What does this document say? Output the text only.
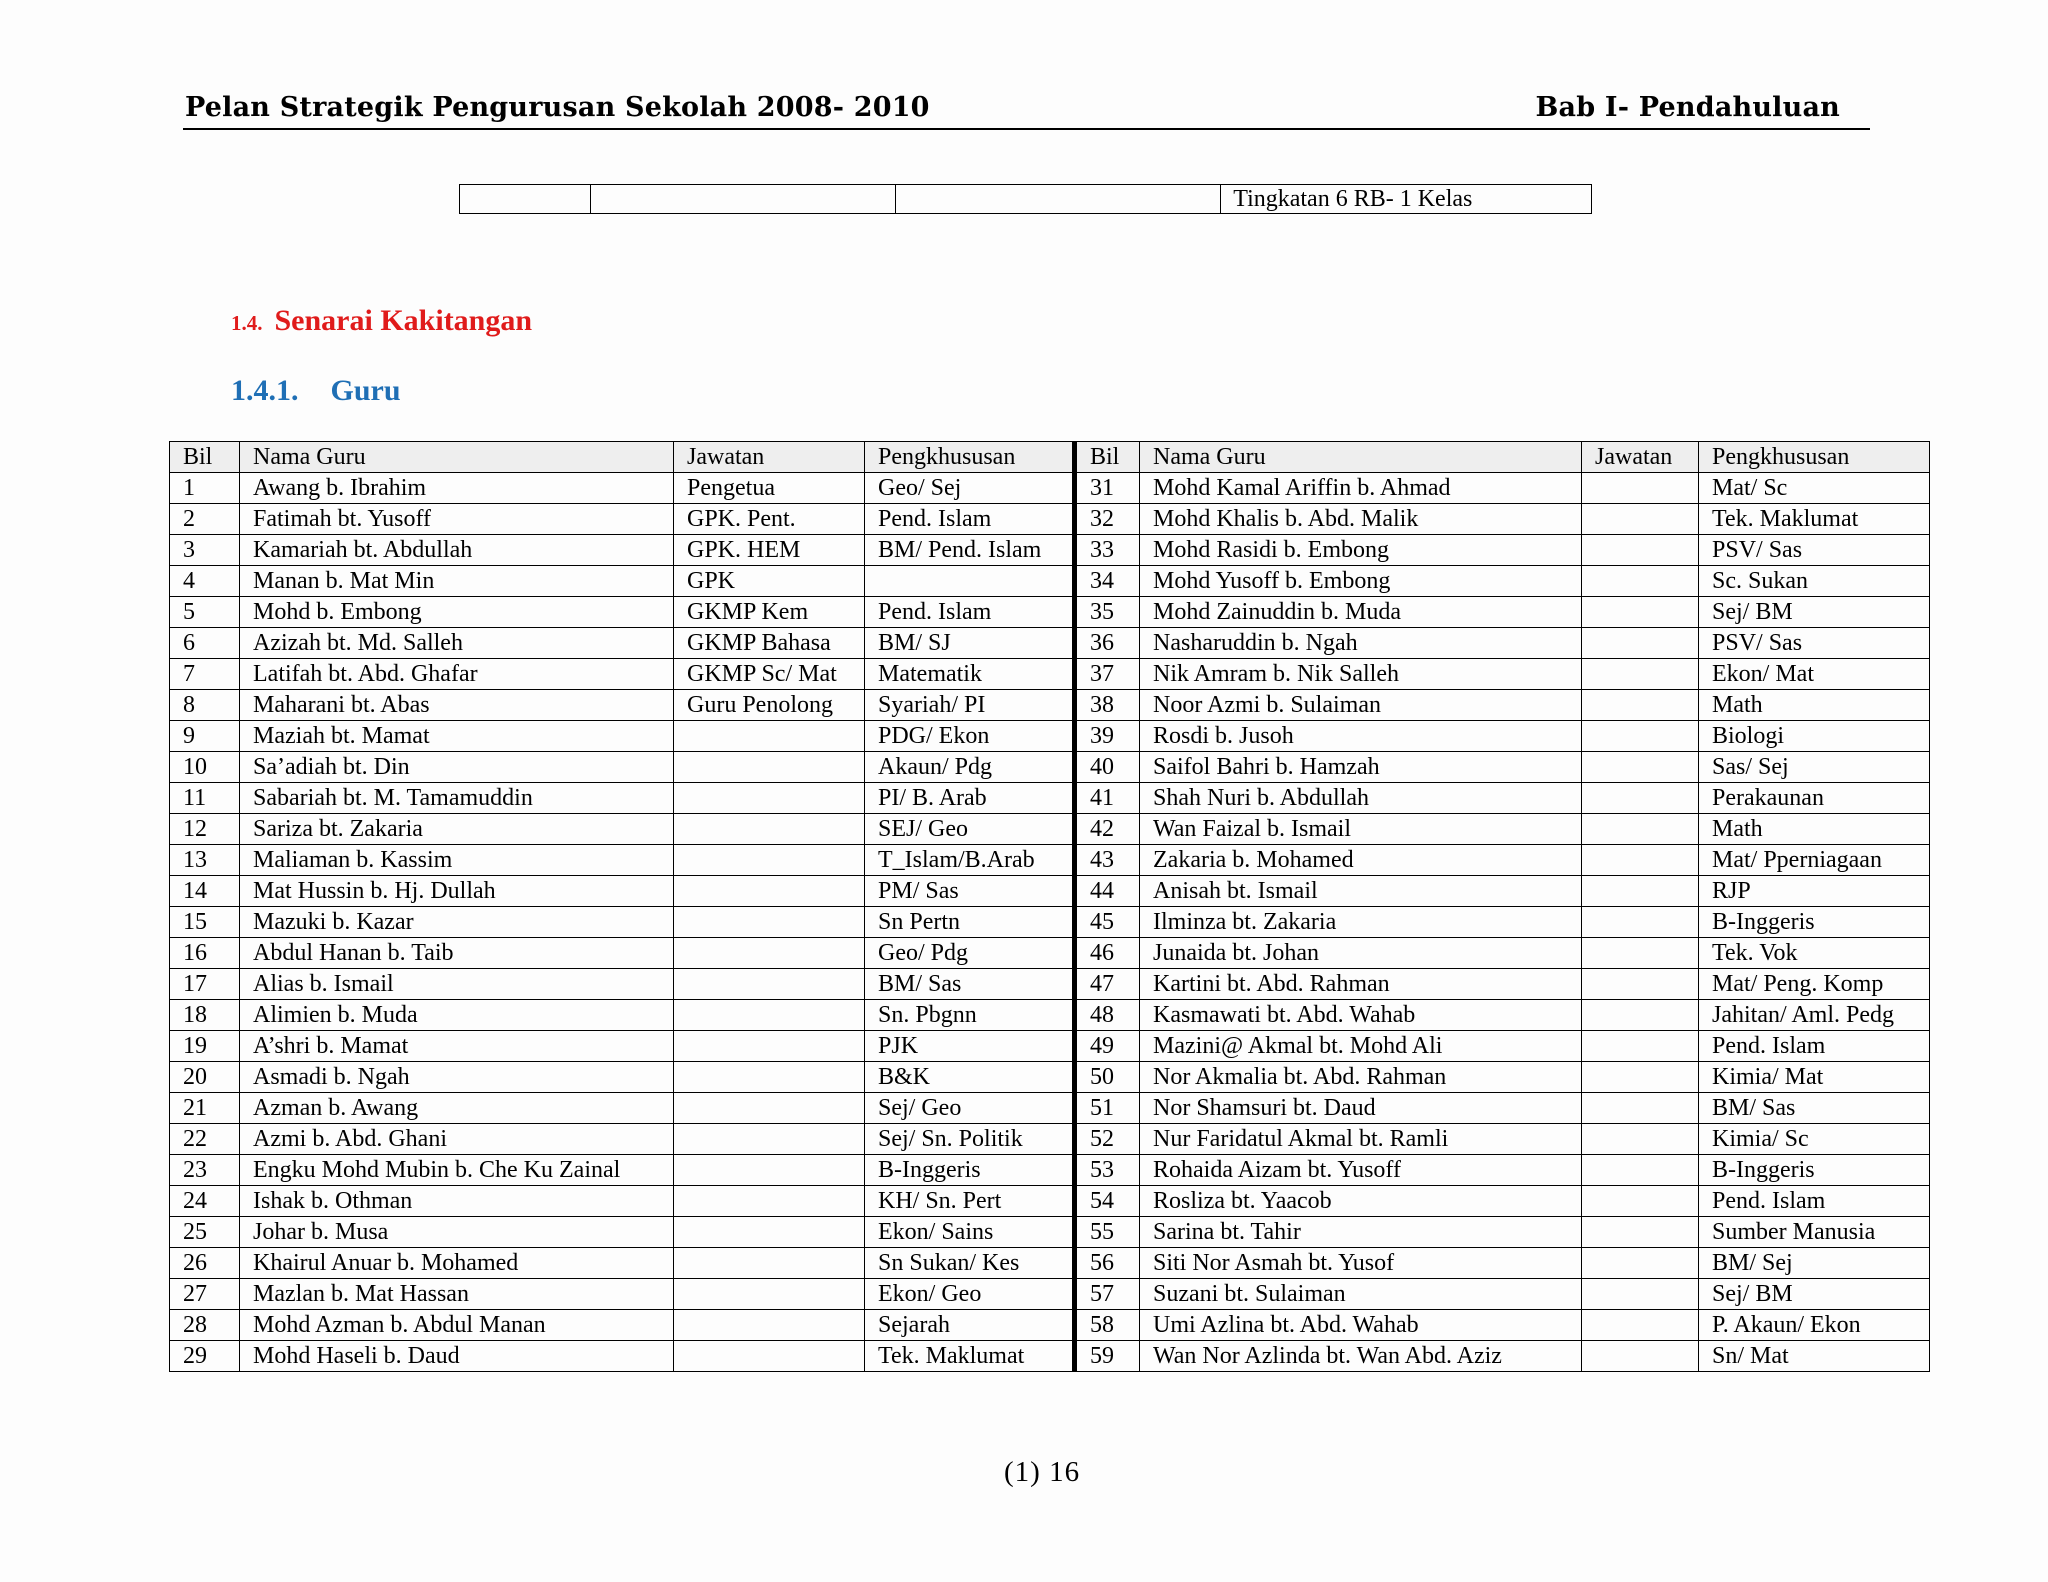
Pelan Strategik Pengurusan Sekolah 2008- 2010	Bab I- Pendahuluan
			Tingkatan 6 RB- 1 Kelas
1.4. Senarai Kakitangan
1.4.1. Guru
Bil	Nama Guru	Jawatan	Pengkhususan	Bil	Nama Guru	Jawatan	Pengkhususan
1	Awang b. Ibrahim	Pengetua	Geo/ Sej	31	Mohd Kamal Ariffin b. Ahmad		Mat/ Sc
2	Fatimah bt. Yusoff	GPK. Pent.	Pend. Islam	32	Mohd Khalis b. Abd. Malik		Tek. Maklumat
3	Kamariah bt. Abdullah	GPK. HEM	BM/ Pend. Islam	33	Mohd Rasidi b. Embong		PSV/ Sas
4	Manan b. Mat Min	GPK		34	Mohd Yusoff b. Embong		Sc. Sukan
5	Mohd b. Embong	GKMP Kem	Pend. Islam	35	Mohd Zainuddin b. Muda		Sej/ BM
6	Azizah bt. Md. Salleh	GKMP Bahasa	BM/ SJ	36	Nasharuddin b. Ngah		PSV/ Sas
7	Latifah bt. Abd. Ghafar	GKMP Sc/ Mat	Matematik	37	Nik Amram b. Nik Salleh		Ekon/ Mat
8	Maharani bt. Abas	Guru Penolong	Syariah/ PI	38	Noor Azmi b. Sulaiman		Math
9	Maziah bt. Mamat		PDG/ Ekon	39	Rosdi b. Jusoh		Biologi
10	Sa’adiah bt. Din		Akaun/ Pdg	40	Saifol Bahri b. Hamzah		Sas/ Sej
11	Sabariah bt. M. Tamamuddin		PI/ B. Arab	41	Shah Nuri b. Abdullah		Perakaunan
12	Sariza bt. Zakaria		SEJ/ Geo	42	Wan Faizal b. Ismail		Math
13	Maliaman b. Kassim		T_Islam/B.Arab	43	Zakaria b. Mohamed		Mat/ Pperniagaan
14	Mat Hussin b. Hj. Dullah		PM/ Sas	44	Anisah bt. Ismail		RJP
15	Mazuki b. Kazar		Sn Pertn	45	Ilminza bt. Zakaria		B-Inggeris
16	Abdul Hanan b. Taib		Geo/ Pdg	46	Junaida bt. Johan		Tek. Vok
17	Alias b. Ismail		BM/ Sas	47	Kartini bt. Abd. Rahman		Mat/ Peng. Komp
18	Alimien b. Muda		Sn. Pbgnn	48	Kasmawati bt. Abd. Wahab		Jahitan/ Aml. Pedg
19	A’shri b. Mamat		PJK	49	Mazini@ Akmal bt. Mohd Ali		Pend. Islam
20	Asmadi b. Ngah		B&K	50	Nor Akmalia bt. Abd. Rahman		Kimia/ Mat
21	Azman b. Awang		Sej/ Geo	51	Nor Shamsuri bt. Daud		BM/ Sas
22	Azmi b. Abd. Ghani		Sej/ Sn. Politik	52	Nur Faridatul Akmal bt. Ramli		Kimia/ Sc
23	Engku Mohd Mubin b. Che Ku Zainal		B-Inggeris	53	Rohaida Aizam bt. Yusoff		B-Inggeris
24	Ishak b. Othman		KH/ Sn. Pert	54	Rosliza bt. Yaacob		Pend. Islam
25	Johar b. Musa		Ekon/ Sains	55	Sarina bt. Tahir		Sumber Manusia
26	Khairul Anuar b. Mohamed		Sn Sukan/ Kes	56	Siti Nor Asmah bt. Yusof		BM/ Sej
27	Mazlan b. Mat Hassan		Ekon/ Geo	57	Suzani bt. Sulaiman		Sej/ BM
28	Mohd Azman b. Abdul Manan		Sejarah	58	Umi Azlina bt. Abd. Wahab		P. Akaun/ Ekon
29	Mohd Haseli b. Daud		Tek. Maklumat	59	Wan Nor Azlinda bt. Wan Abd. Aziz		Sn/ Mat
(1) 16
